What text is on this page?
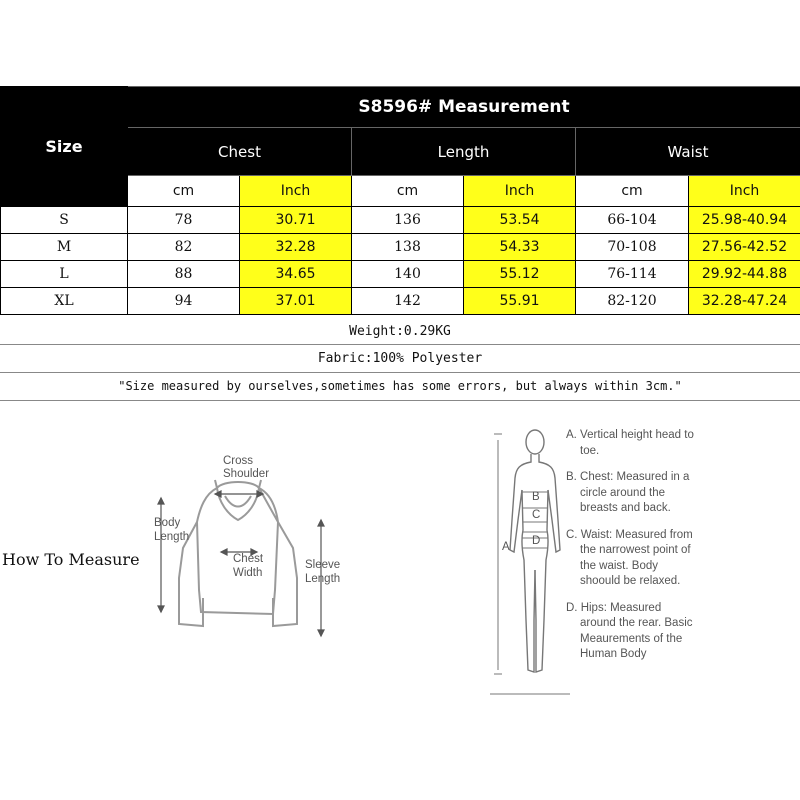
Size	S8596# Measurement					
	Chest		Length		Waist	
	cm	Inch	cm	Inch	cm	Inch
S	78	30.71	136	53.54	66-104	25.98-40.94
M	82	32.28	138	54.33	70-108	27.56-42.52
L	88	34.65	140	55.12	76-114	29.92-44.88
XL	94	37.01	142	55.91	82-120	32.28-47.24
Weight:0.29KG
Fabric:100% Polyester
"Size measured by ourselves,sometimes has some errors, but always within 3cm."
How To Measure
Cross
Shoulder
Body
Length
Chest
Width
Sleeve
Length
A
B
C
D

A. Vertical height head to toe.

B. Chest: Measured in a circle around the breasts and back.

C. Waist: Measured from the narrowest point of the waist. Body shoould be relaxed.

D. Hips: Measured around the rear. Basic Meaurements of the Human Body
